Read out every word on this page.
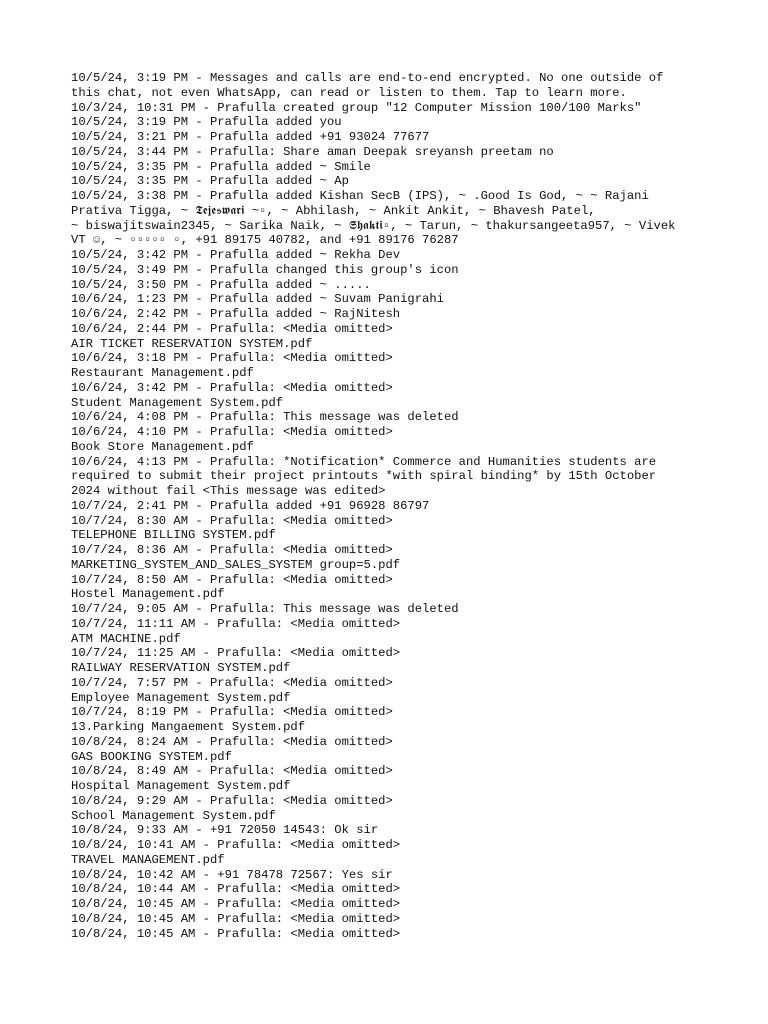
10/5/24, 3:19 PM - Messages and calls are end-to-end encrypted. No one outside of
this chat, not even WhatsApp, can read or listen to them. Tap to learn more.
10/3/24, 10:31 PM - Prafulla created group "12 Computer Mission 100/100 Marks"
10/5/24, 3:19 PM - Prafulla added you
10/5/24, 3:21 PM - Prafulla added +91 93024 77677
10/5/24, 3:44 PM - Prafulla: Share aman Deepak sreyansh preetam no
10/5/24, 3:35 PM - Prafulla added ~ Smile
10/5/24, 3:35 PM - Prafulla added ~ Ap
10/5/24, 3:38 PM - Prafulla added Kishan SecB (IPS), ~ .Good Is God, ~ ~ Rajani
Prativa Tigga, ~ 𝕿𝖊𝖏𝖊𝖘𝖜𝖆𝖗𝖎 ~▫, ~ Abhilash, ~ Ankit Ankit, ~ Bhavesh Patel,
~ biswajitswain2345, ~ Sarika Naik, ~ 𝕾𝖍𝖆𝖐𝖙𝖎▫, ~ Tarun, ~ thakursangeeta957, ~ Vivek
VT ☺, ~ ▫▫▫▫▫ ▫, +91 89175 40782, and +91 89176 76287
10/5/24, 3:42 PM - Prafulla added ~ Rekha Dev
10/5/24, 3:49 PM - Prafulla changed this group's icon
10/5/24, 3:50 PM - Prafulla added ~ .....
10/6/24, 1:23 PM - Prafulla added ~ Suvam Panigrahi
10/6/24, 2:42 PM - Prafulla added ~ RajNitesh
10/6/24, 2:44 PM - Prafulla: <Media omitted>
AIR TICKET RESERVATION SYSTEM.pdf
10/6/24, 3:18 PM - Prafulla: <Media omitted>
Restaurant Management.pdf
10/6/24, 3:42 PM - Prafulla: <Media omitted>
Student Management System.pdf
10/6/24, 4:08 PM - Prafulla: This message was deleted
10/6/24, 4:10 PM - Prafulla: <Media omitted>
Book Store Management.pdf
10/6/24, 4:13 PM - Prafulla: *Notification* Commerce and Humanities students are
required to submit their project printouts *with spiral binding* by 15th October
2024 without fail <This message was edited>
10/7/24, 2:41 PM - Prafulla added +91 96928 86797
10/7/24, 8:30 AM - Prafulla: <Media omitted>
TELEPHONE BILLING SYSTEM.pdf
10/7/24, 8:36 AM - Prafulla: <Media omitted>
MARKETING_SYSTEM_AND_SALES_SYSTEM group=5.pdf
10/7/24, 8:50 AM - Prafulla: <Media omitted>
Hostel Management.pdf
10/7/24, 9:05 AM - Prafulla: This message was deleted
10/7/24, 11:11 AM - Prafulla: <Media omitted>
ATM MACHINE.pdf
10/7/24, 11:25 AM - Prafulla: <Media omitted>
RAILWAY RESERVATION SYSTEM.pdf
10/7/24, 7:57 PM - Prafulla: <Media omitted>
Employee Management System.pdf
10/7/24, 8:19 PM - Prafulla: <Media omitted>
13.Parking Mangaement System.pdf
10/8/24, 8:24 AM - Prafulla: <Media omitted>
GAS BOOKING SYSTEM.pdf
10/8/24, 8:49 AM - Prafulla: <Media omitted>
Hospital Management System.pdf
10/8/24, 9:29 AM - Prafulla: <Media omitted>
School Management System.pdf
10/8/24, 9:33 AM - +91 72050 14543: Ok sir
10/8/24, 10:41 AM - Prafulla: <Media omitted>
TRAVEL MANAGEMENT.pdf
10/8/24, 10:42 AM - +91 78478 72567: Yes sir
10/8/24, 10:44 AM - Prafulla: <Media omitted>
10/8/24, 10:45 AM - Prafulla: <Media omitted>
10/8/24, 10:45 AM - Prafulla: <Media omitted>
10/8/24, 10:45 AM - Prafulla: <Media omitted>
